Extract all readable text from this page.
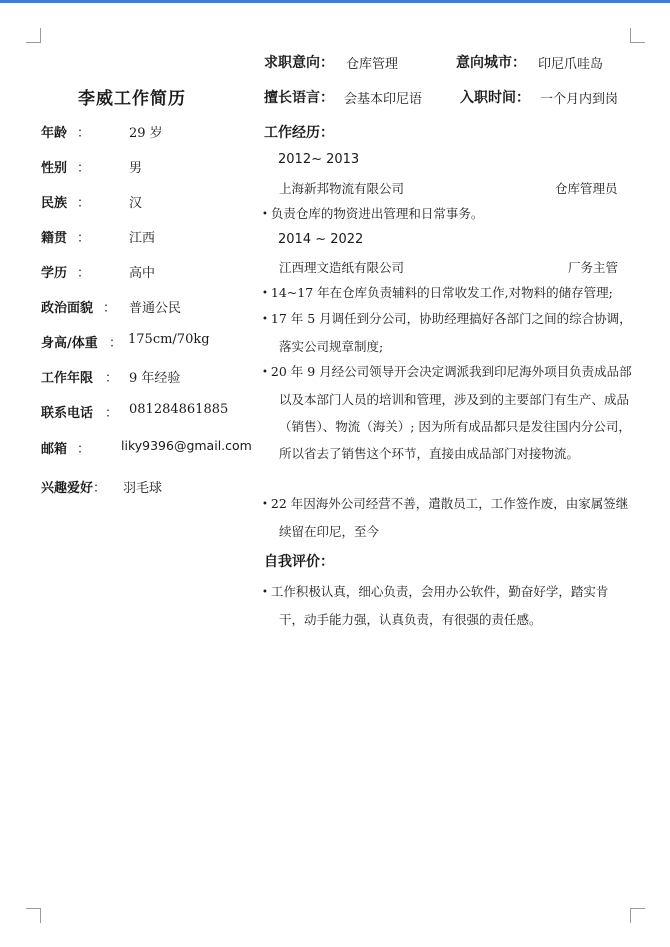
李威工作简历
年龄 ：	29 岁
性别 ：	男
民族 ：	汉
籍贯 ：	江西
学历 ：	高中
政治面貌 ： 普通公民
身高/体重 ： 175cm/70kg
工作年限 ： 9 年经验
联系电话 ： 081284861885
邮箱 ： liky9396@gmail.com
兴趣爱好 ： 羽毛球
求职意向： 仓库管理	意向城市： 印尼爪哇岛
擅长语言： 会基本印尼语	入职时间： 一个月内到岗
工作经历：
2012~ 2013
上海新邦物流有限公司	仓库管理员
• 负责仓库的物资进出管理和日常事务。
2014 ~ 2022
江西理文造纸有限公司	厂务主管
• 14~17 年在仓库负责辅料的日常收发工作,对物料的储存管理;
• 17 年 5 月调任到分公司，协助经理搞好各部门之间的综合协调，落实公司规章制度;
• 20 年 9 月经公司领导开会决定调派我到印尼海外项目负责成品部以及本部门人员的培训和管理，涉及到的主要部门有生产、成品（销售）、物流（海关）; 因为所有成品都只是发往国内分公司，所以省去了销售这个环节，直接由成品部门对接物流。
• 22 年因海外公司经营不善，遣散员工，工作签作废，由家属签继续留在印尼，至今
自我评价：
• 工作积极认真，细心负责，会用办公软件，勤奋好学，踏实肯干，动手能力强，认真负责，有很强的责任感。
